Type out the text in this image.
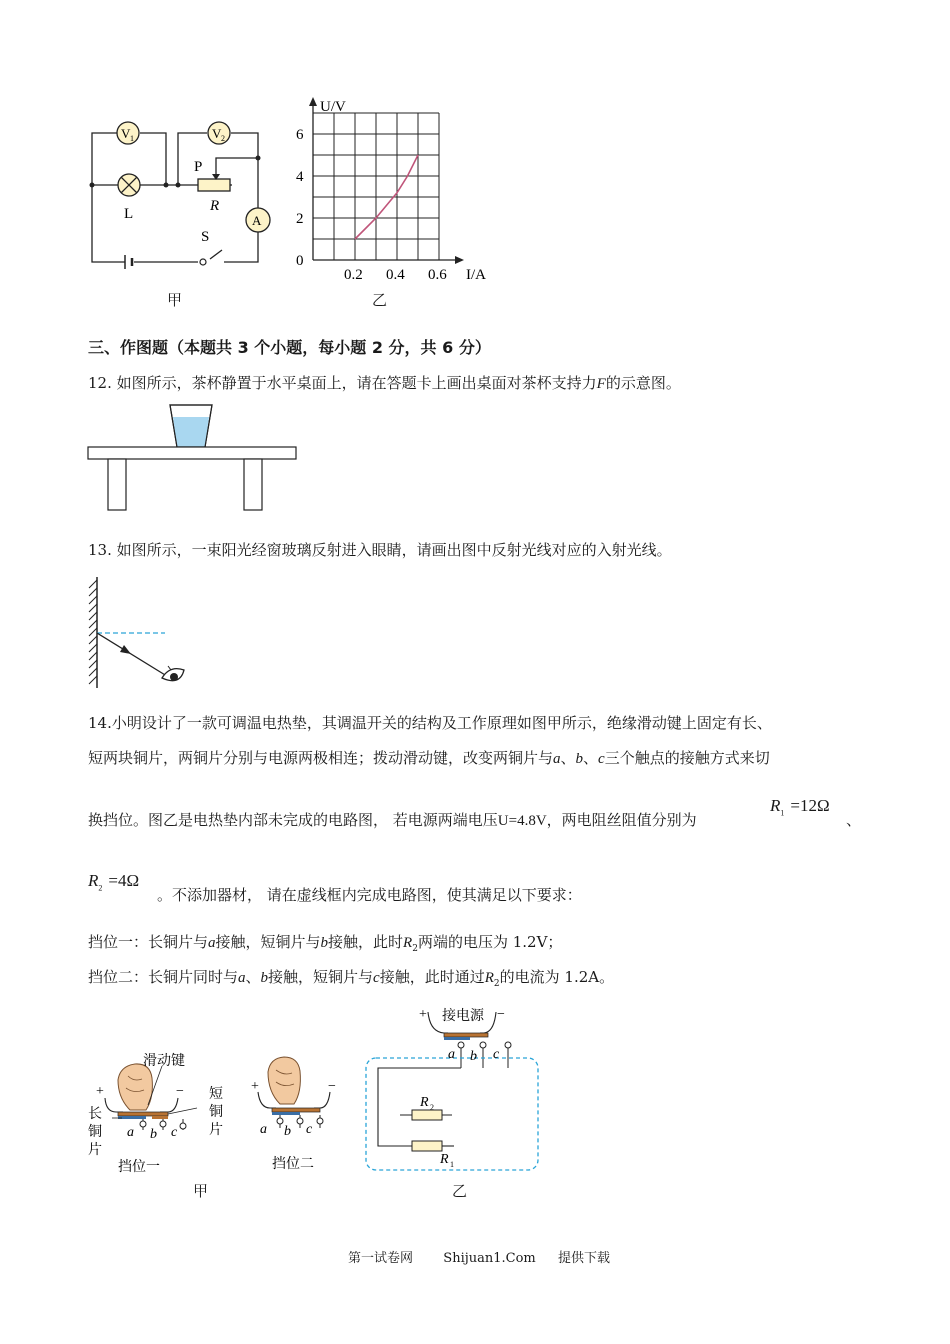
V 1	V 2
A
P
L	R
S
甲
0.2 0.4 0.6
0
2
4
6
U/V
I/A
乙
三、作图题（本题共 3 个小题，每小题 2 分，共 6 分）
12. 如图所示，茶杯静置于水平桌面上，请在答题卡上画出桌面对茶杯支持力F的示意图。
13. 如图所示，一束阳光经窗玻璃反射进入眼睛，请画出图中反射光线对应的入射光线。
14.小明设计了一款可调温电热垫，其调温开关的结构及工作原理如图甲所示，绝缘滑动键上固定有长、
短两块铜片，两铜片分别与电源两极相连；拨动滑动键，改变两铜片与a、b、c三个触点的接触方式来切
换挡位。图乙是电热垫内部未完成的电路图， 若电源两端电压U=4.8V，两电阻丝阻值分别为
$R_1 =12\Omega$
、
$R_2 =4\Omega$
。不添加器材， 请在虚线框内完成电路图，使其满足以下要求：
挡位一：长铜片与a接触，短铜片与b接触，此时$R_2$两端的电压为 1.2V；
挡位二：长铜片同时与a、b接触，短铜片与c接触，此时通过$R_2$的电流为 1.2A。
+	−
滑动键
长
铜
片
短
铜
片
a b c
挡位一
+	−
a b c
挡位二
甲
接电源
+	−
a b c
R 2
R 1
乙
第一试卷网 Shijuan1.Com 提供下载
